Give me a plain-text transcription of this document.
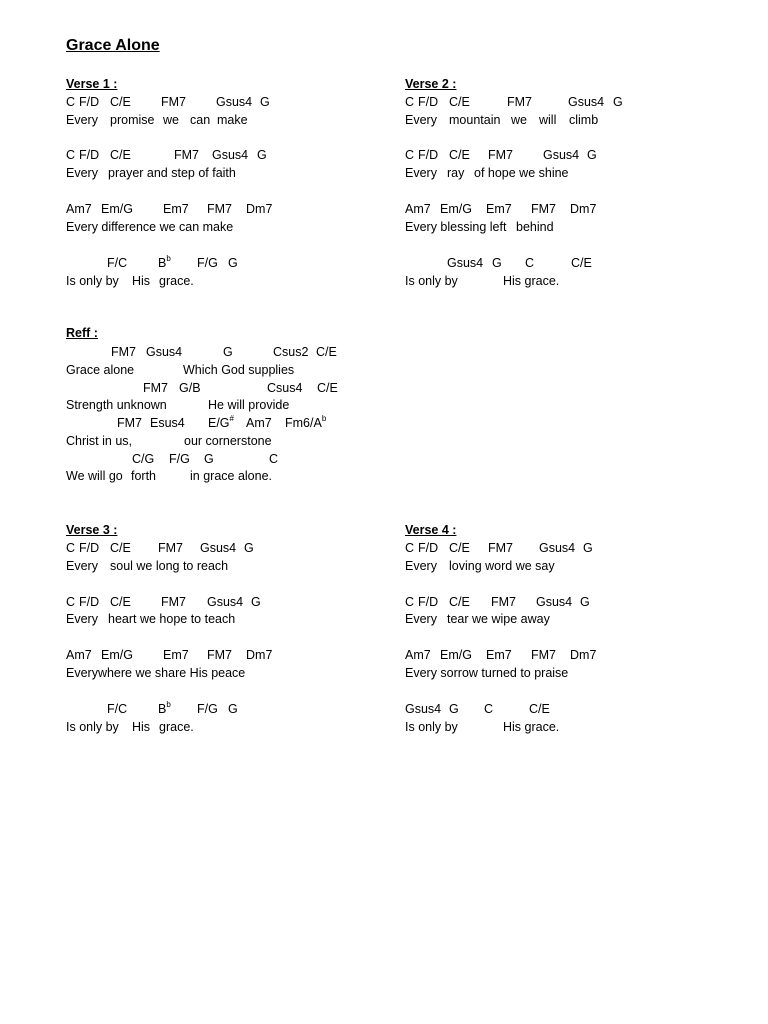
Grace Alone
Verse 1 :

C

F/D

C/E

FM7

Gsus4

G

Every

promise

we

can

make

C

F/D

C/E

	FM7

Gsus4

G

Every

prayer and step of faith

Am7

Em/G

Em7

FM7

Dm7

Every difference we can make

F/C

$B^b$

F/G

G

Is only by

His

grace.

Verse 2 :

C

F/D

C/E

	FM7

	Gsus4

G

Every

mountain

we

will

climb

C

F/D

C/E

FM7

Gsus4

G

Every

ray

of hope we shine

Am7

Em/G

Em7

FM7

Dm7

Every blessing left

behind

Gsus4

G

C

	C/E

Is only by

	His grace.

Reff :

FM7

Gsus4

	G

	Csus2

C/E

Grace alone

	Which God supplies

FM7

G/B

	Csus4

C/E

Strength unknown

	He will provide

FM7

Esus4

E/G#

Am7

$Fm6/A^b$

Christ in us,

	our cornerstone

C/G

F/G

G

	C

We will go

forth

	in grace alone.

Verse 3 :

C

F/D

C/E

FM7

Gsus4

G

Every

soul we long to reach

C

F/D

C/E

FM7

Gsus4

G

Every

heart we hope to teach

Am7

Em/G

Em7

FM7

Dm7

Everywhere we share His peace

F/C

$B^b$

F/G

G

Is only by

His

grace.

Verse 4 :

C

F/D

C/E

FM7

Gsus4

G

Every

loving word we say

C

F/D

C/E

FM7

Gsus4

G

Every

tear we wipe away

Am7

Em/G

Em7

FM7

Dm7

Every sorrow turned to praise

Gsus4

G

C

	C/E

Is only by

	His grace.
